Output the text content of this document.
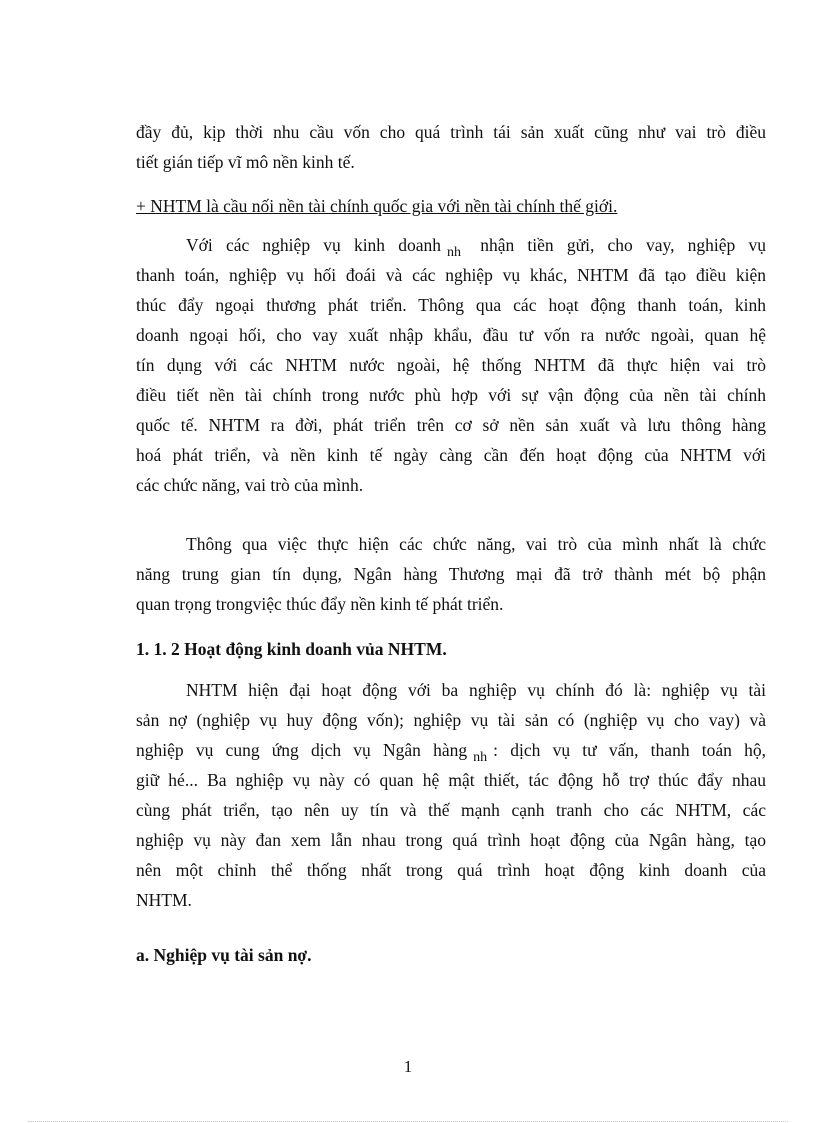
đầy đủ, kịp thời nhu cầu vốn cho quá trình tái sản xuất cũng như vai trò điều
tiết gián tiếp vĩ mô nền kinh tế.
+ NHTM là cầu nối nền tài chính quốc gia với nền tài chính thế giới.
Với các nghiệp vụ kinh doanh $_{nh}$ nhận tiền gửi, cho vay, nghiệp vụ
thanh toán, nghiệp vụ hối đoái và các nghiệp vụ khác, NHTM đã tạo điều kiện
thúc đẩy ngoại thương phát triển. Thông qua các hoạt động thanh toán, kinh
doanh ngoại hối, cho vay xuất nhập khẩu, đầu tư vốn ra nước ngoài, quan hệ
tín dụng với các NHTM nước ngoài, hệ thống NHTM đã thực hiện vai trò
điều tiết nền tài chính trong nước phù hợp với sự vận động của nền tài chính
quốc tế. NHTM ra đời, phát triển trên cơ sở nền sản xuất và lưu thông hàng
hoá phát triển, và nền kinh tế ngày càng cần đến hoạt động của NHTM với
các chức năng, vai trò của mình.
Thông qua việc thực hiện các chức năng, vai trò của mình nhất là chức
năng trung gian tín dụng, Ngân hàng Thương mại đã trở thành mét bộ phận
quan trọng trongviệc thúc đẩy nền kinh tế phát triển.
1. 1. 2 Hoạt động kinh doanh vủa NHTM.
NHTM hiện đại hoạt động với ba nghiệp vụ chính đó là: nghiệp vụ tài
sản nợ (nghiệp vụ huy động vốn); nghiệp vụ tài sản có (nghiệp vụ cho vay) và
nghiệp vụ cung ứng dịch vụ Ngân hàng $_{nh}$ : dịch vụ tư vấn, thanh toán hộ,
giữ hé... Ba nghiệp vụ này có quan hệ mật thiết, tác động hỗ trợ thúc đẩy nhau
cùng phát triển, tạo nên uy tín và thế mạnh cạnh tranh cho các NHTM, các
nghiệp vụ này đan xem lẫn nhau trong quá trình hoạt động của Ngân hàng, tạo
nên một chỉnh thể thống nhất trong quá trình hoạt động kinh doanh của
NHTM.
a. Nghiệp vụ tài sản nợ.
1
